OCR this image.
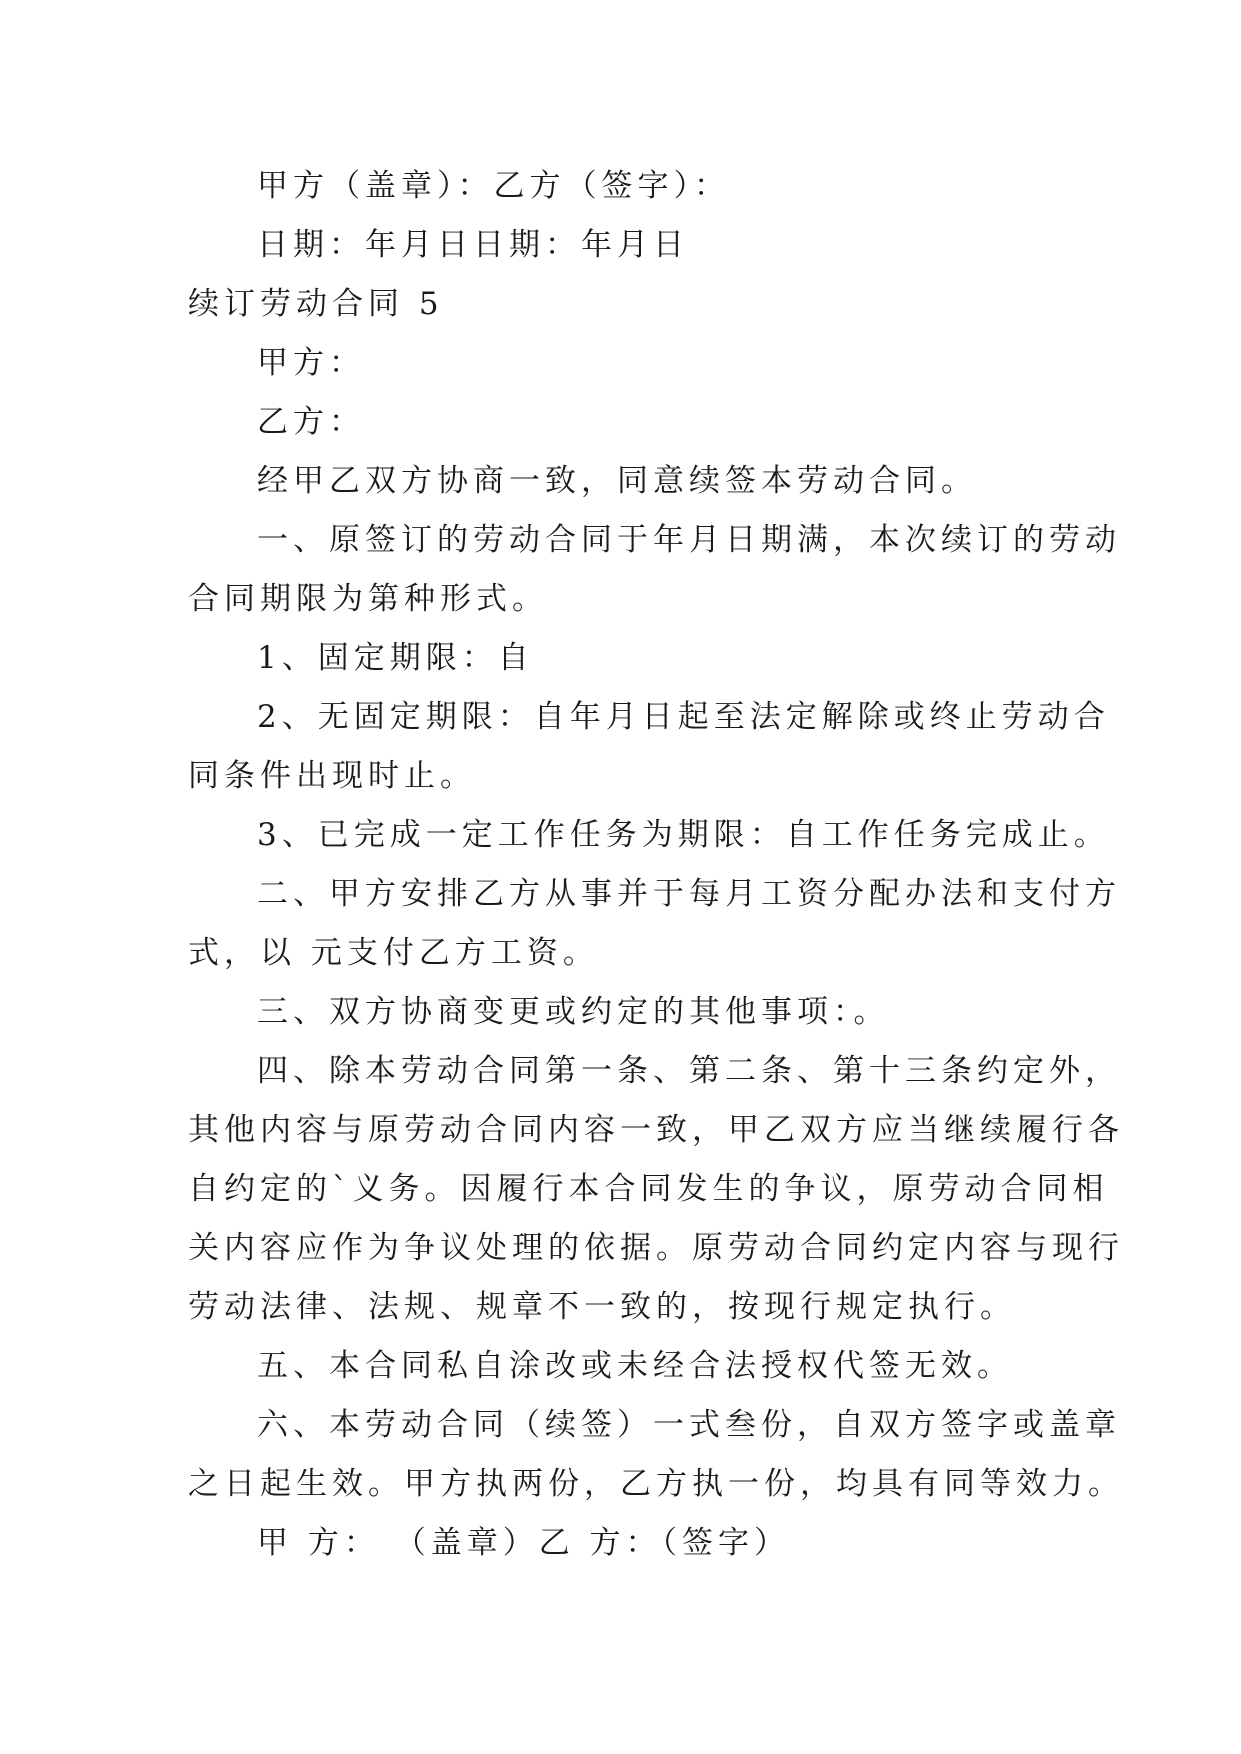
甲方（盖章）：乙方（签字）：
日期：年月日日期：年月日
续订劳动合同 5
甲方：
乙方：
经甲乙双方协商一致，同意续签本劳动合同。
一、原签订的劳动合同于年月日期满，本次续订的劳动
合同期限为第种形式。
1、固定期限：自
2、无固定期限：自年月日起至法定解除或终止劳动合
同条件出现时止。
3、已完成一定工作任务为期限：自工作任务完成止。
二、甲方安排乙方从事并于每月工资分配办法和支付方
式，以 元支付乙方工资。
三、双方协商变更或约定的其他事项：。
四、除本劳动合同第一条、第二条、第十三条约定外，
其他内容与原劳动合同内容一致，甲乙双方应当继续履行各
自约定的`义务。因履行本合同发生的争议，原劳动合同相
关内容应作为争议处理的依据。原劳动合同约定内容与现行
劳动法律、法规、规章不一致的，按现行规定执行。
五、本合同私自涂改或未经合法授权代签无效。
六、本劳动合同（续签）一式叁份，自双方签字或盖章
之日起生效。甲方执两份，乙方执一份，均具有同等效力。
甲 方： （盖章）乙 方：（签字）
